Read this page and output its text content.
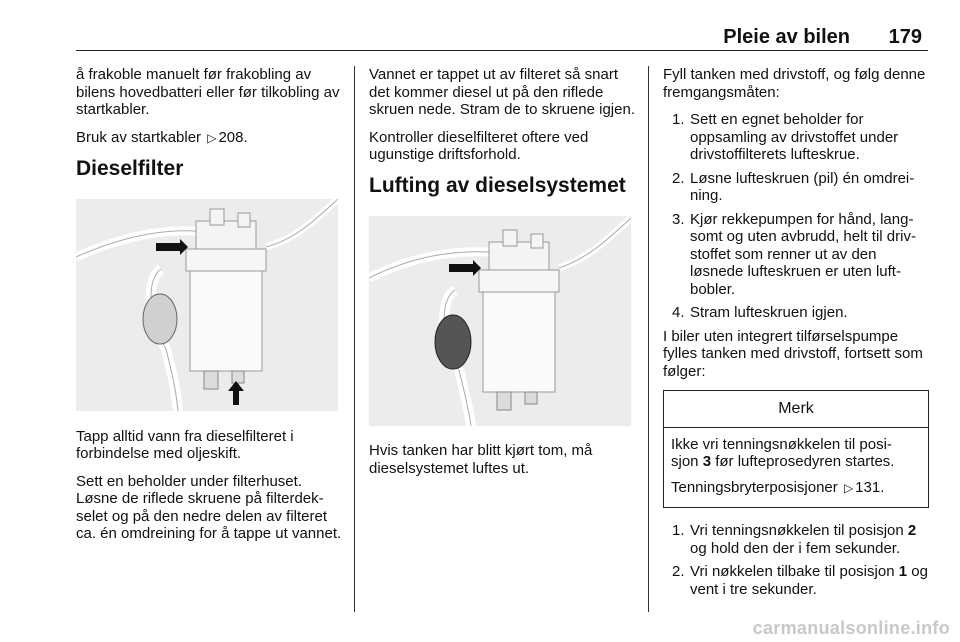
Pleie av bilen 179

å frakoble manuelt før frakobling av bilens hovedbatteri eller før tilkobling av startkabler.

Bruk av startkabler ▷ 208.

Dieselfilter

Tapp alltid vann fra dieselfilteret i forbindelse med oljeskift.

Sett en beholder under filterhuset. Løsne de riflede skruene på filterdek- selet og på den nedre delen av filteret ca. én omdreining for å tappe ut vannet.

Vannet er tappet ut av filteret så snart det kommer diesel ut på den riflede skruen nede. Stram de to skruene igjen.

Kontroller dieselfilteret oftere ved ugunstige driftsforhold.

Lufting av dieselsystemet

Hvis tanken har blitt kjørt tom, må dieselsystemet luftes ut.

Fyll tanken med drivstoff, og følg denne fremgangsmåten:

1. Sett en egnet beholder for oppsamling av drivstoffet under drivstoffilterets lufteskrue.
2. Løsne lufteskruen (pil) én omdrei- ning.
3. Kjør rekkepumpen for hånd, lang- somt og uten avbrudd, helt til driv- stoffet som renner ut av den løsnede lufteskruen er uten luft- bobler.
4. Stram lufteskruen igjen.

I biler uten integrert tilførselspumpe fylles tanken med drivstoff, fortsett som følger:

Merk

Ikke vri tenningsnøkkelen til posi- sjon 3 før lufteprosedyren startes.

Tenningsbryterposisjoner ▷ 131.

1. Vri tenningsnøkkelen til posisjon 2 og hold den der i fem sekunder.
2. Vri nøkkelen tilbake til posisjon 1 og vent i tre sekunder.
carmanualsonline.info
